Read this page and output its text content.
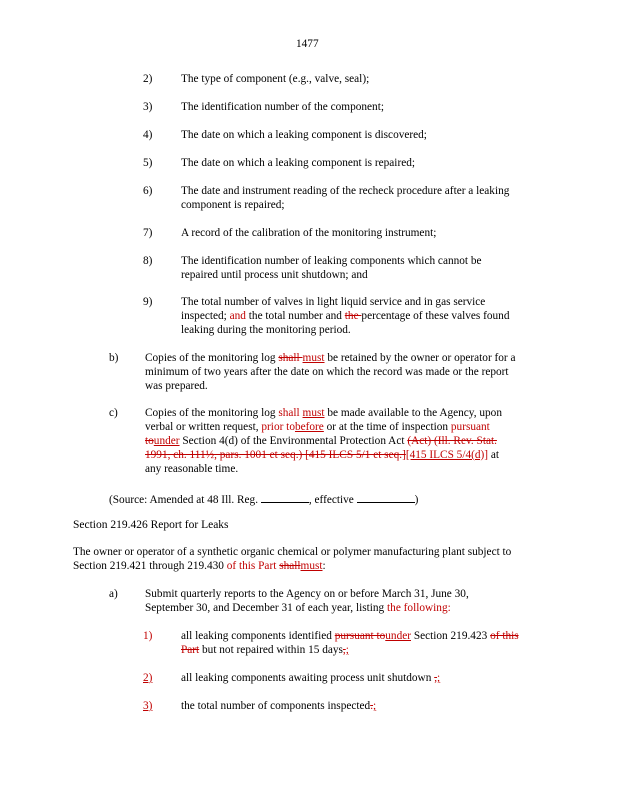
1477
2)	The type of component (e.g., valve, seal);
3)	The identification number of the component;
4)	The date on which a leaking component is discovered;
5)	The date on which a leaking component is repaired;
6)	The date and instrument reading of the recheck procedure after a leaking
component is repaired;
7)	A record of the calibration of the monitoring instrument;
8)	The identification number of leaking components which cannot be
repaired until process unit shutdown; and
9)	The total number of valves in light liquid service and in gas service
inspected; and the total number and the percentage of these valves found
leaking during the monitoring period.
b) Copies of the monitoring log shall must be retained by the owner or operator for a
minimum of two years after the date on which the record was made or the report
was prepared.
c) Copies of the monitoring log shall must be made available to the Agency, upon
verbal or written request, prior tobefore or at the time of inspection pursuant
tounder Section 4(d) of the Environmental Protection Act (Act) (Ill. Rev. Stat.
1991, ch. 111½, pars. 1001 et seq.) [415 ILCS 5/1 et seq.][415 ILCS 5/4(d)] at
any reasonable time.
(Source: Amended at 48 Ill. Reg.	, effective	)
Section 219.426 Report for Leaks
The owner or operator of a synthetic organic chemical or polymer manufacturing plant subject to
Section 219.421 through 219.430 of this Part shallmust:
a) Submit quarterly reports to the Agency on or before March 31, June 30,
September 30, and December 31 of each year, listing the following:
1)	all leaking components identified pursuant tounder Section 219.423 of this
Part but not repaired within 15 days,;
2)	all leaking components awaiting process unit shutdown ,;
3)	the total number of components inspected.;
